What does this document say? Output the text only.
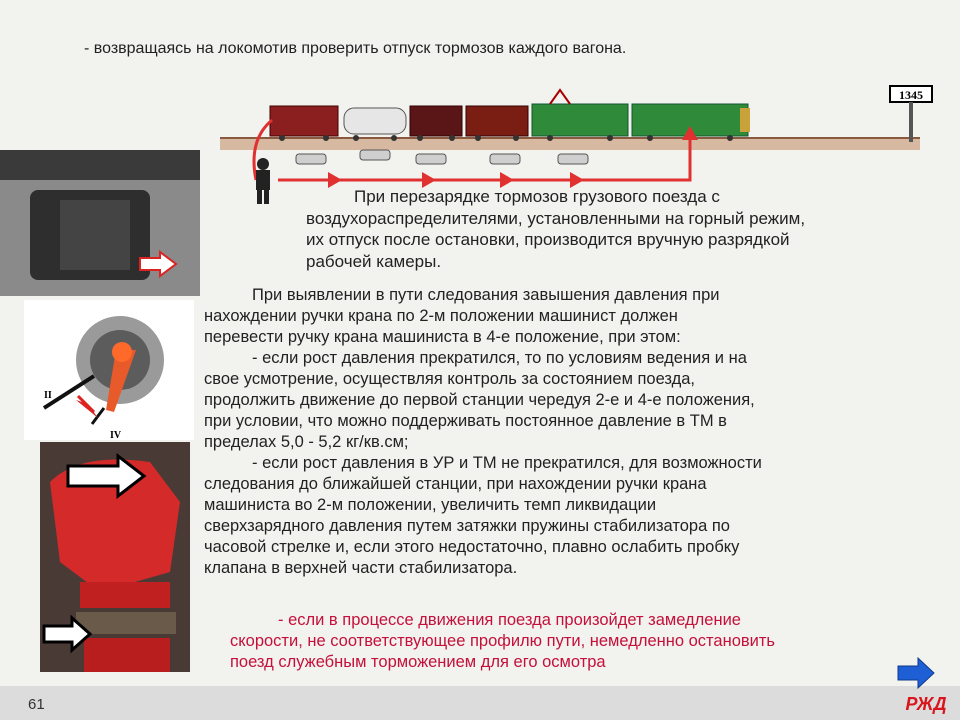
- возвращаясь на локомотив проверить отпуск тормозов каждого вагона.
1345
II
IV
При перезарядке тормозов грузового поезда с
воздухораспределителями, установленными на горный режим,
их отпуск после остановки, производится вручную разрядкой
рабочей камеры.
При выявлении в пути следования завышения давления при
нахождении ручки крана по 2-м положении машинист должен
перевести ручку крана машиниста в 4-е положение, при этом:
- если рост давления прекратился, то по условиям ведения и на
свое усмотрение, осуществляя контроль за состоянием поезда,
продолжить движение до первой станции чередуя 2-е и 4-е положения,
при условии, что можно поддерживать постоянное давление в ТМ в
пределах 5,0 - 5,2 кг/кв.см;
- если рост давления в УР и ТМ не прекратился, для возможности
следования до ближайшей станции, при нахождении ручки крана
машиниста во 2-м положении, увеличить темп ликвидации
сверхзарядного давления путем затяжки пружины стабилизатора по
часовой стрелке и, если этого недостаточно, плавно ослабить пробку
клапана в верхней части стабилизатора.
- если в процессе движения поезда произойдет замедление
скорости, не соответствующее профилю пути, немедленно остановить
поезд служебным торможением для его осмотра
61	РЖД
